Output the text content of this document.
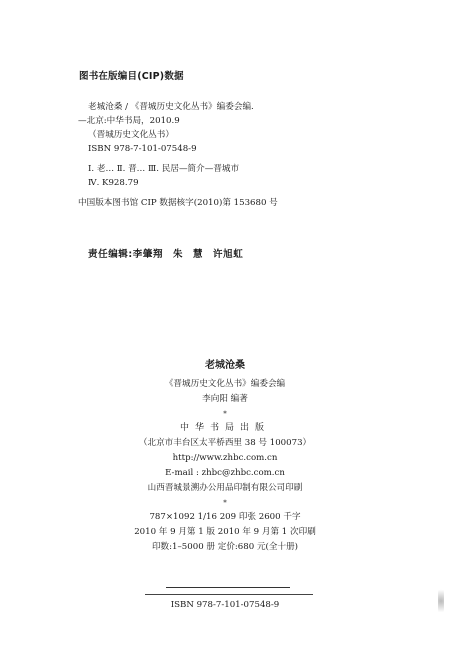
图书在版编目(CIP)数据
老城沧桑 / 《晋城历史文化丛书》编委会编.
—北京:中华书局，2010.9
（晋城历史文化丛书）
ISBN 978-7-101-07548-9
Ⅰ. 老… Ⅱ. 晋… Ⅲ. 民居—简介—晋城市
Ⅳ. K928.79
中国版本图书馆 CIP 数据核字(2010)第 153680 号
责任编辑:李肇翔 朱 慧 许旭虹
老城沧桑
《晋城历史文化丛书》编委会编
李向阳 编著
*
中华书局出版
（北京市丰台区太平桥西里 38 号 100073）
http://www.zhbc.com.cn
E-mail : zhbc@zhbc.com.cn
山西晋城景溯办公用品印制有限公司印刷
*
787×1092 1/16 209 印张 2600 千字
2010 年 9 月第 1 版 2010 年 9 月第 1 次印刷
印数:1–5000 册 定价:680 元(全十册)
ISBN 978-7-101-07548-9
